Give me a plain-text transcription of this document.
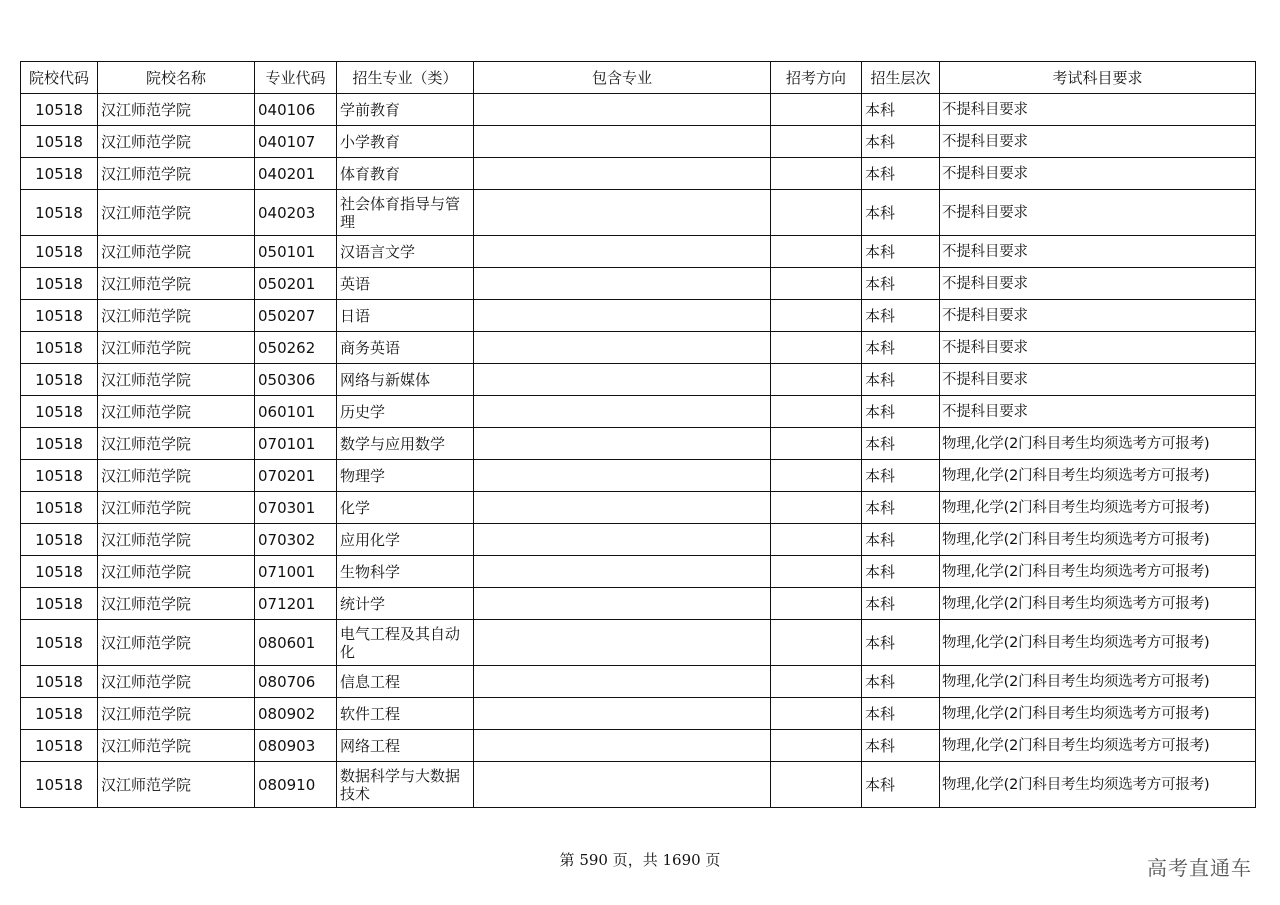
院校代码	院校名称	专业代码	招生专业（类）	包含专业	招考方向	招生层次	考试科目要求
10518	汉江师范学院	040106	学前教育			本科	不提科目要求
10518	汉江师范学院	040107	小学教育			本科	不提科目要求
10518	汉江师范学院	040201	体育教育			本科	不提科目要求
10518	汉江师范学院	040203	社会体育指导与管理			本科	不提科目要求
10518	汉江师范学院	050101	汉语言文学			本科	不提科目要求
10518	汉江师范学院	050201	英语			本科	不提科目要求
10518	汉江师范学院	050207	日语			本科	不提科目要求
10518	汉江师范学院	050262	商务英语			本科	不提科目要求
10518	汉江师范学院	050306	网络与新媒体			本科	不提科目要求
10518	汉江师范学院	060101	历史学			本科	不提科目要求
10518	汉江师范学院	070101	数学与应用数学			本科	物理,化学(2门科目考生均须选考方可报考)
10518	汉江师范学院	070201	物理学			本科	物理,化学(2门科目考生均须选考方可报考)
10518	汉江师范学院	070301	化学			本科	物理,化学(2门科目考生均须选考方可报考)
10518	汉江师范学院	070302	应用化学			本科	物理,化学(2门科目考生均须选考方可报考)
10518	汉江师范学院	071001	生物科学			本科	物理,化学(2门科目考生均须选考方可报考)
10518	汉江师范学院	071201	统计学			本科	物理,化学(2门科目考生均须选考方可报考)
10518	汉江师范学院	080601	电气工程及其自动化			本科	物理,化学(2门科目考生均须选考方可报考)
10518	汉江师范学院	080706	信息工程			本科	物理,化学(2门科目考生均须选考方可报考)
10518	汉江师范学院	080902	软件工程			本科	物理,化学(2门科目考生均须选考方可报考)
10518	汉江师范学院	080903	网络工程			本科	物理,化学(2门科目考生均须选考方可报考)
10518	汉江师范学院	080910	数据科学与大数据技术			本科	物理,化学(2门科目考生均须选考方可报考)
第 590 页，共 1690 页	高考直通车
